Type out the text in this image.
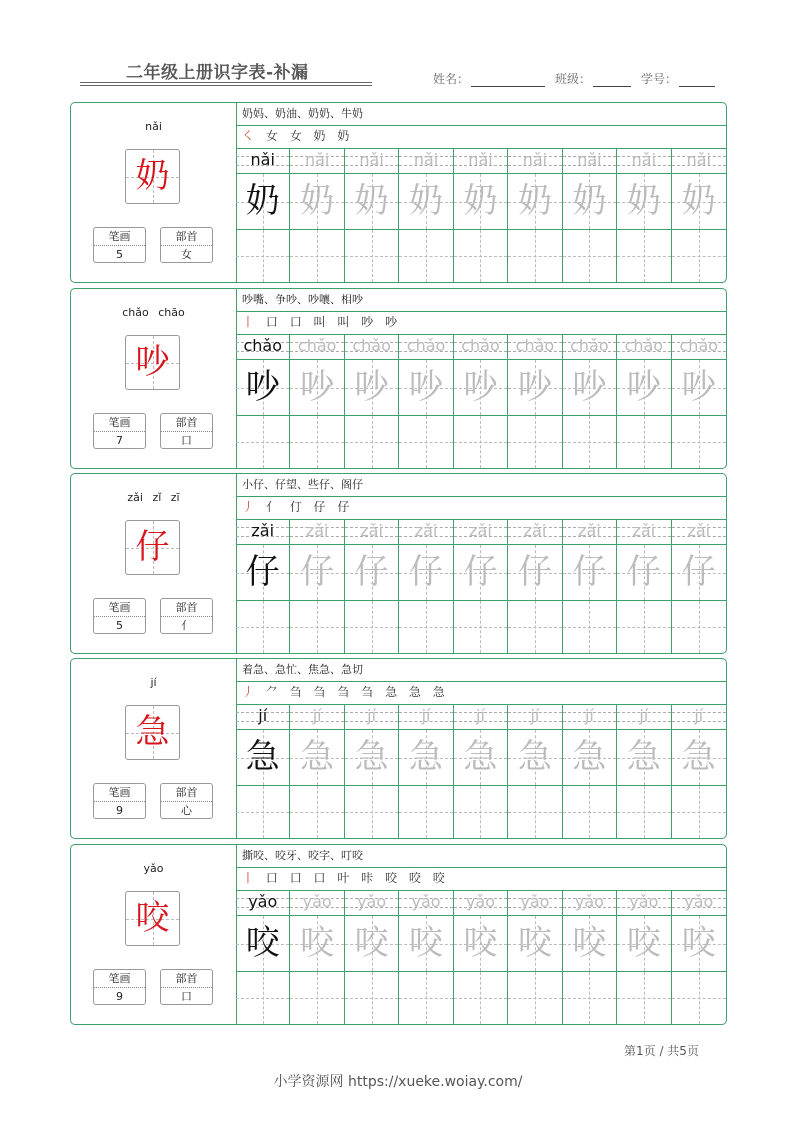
二年级上册识字表-补漏	姓名：	班级：	学号：
nǎi
奶
笔画
5
部首
女
奶妈、奶油、奶奶、牛奶
㇛ 女 女 奶 奶
nǎi	nǎi	nǎi	nǎi	nǎi	nǎi	nǎi	nǎi	nǎi
奶 奶 奶 奶 奶 奶 奶 奶 奶
chǎo chāo
吵
笔画
7
部首
口
吵嘴、争吵、吵嚷、相吵
丨 口 口 叫 叫 吵 吵
chǎo chǎo chǎo chǎo chǎo chǎo chǎo chǎo	chǎo
吵 吵 吵 吵 吵 吵 吵 吵 吵
zǎi zǐ zī
仔
笔画
5
部首
亻
小仔、仔望、些仔、阁仔
丿 亻 仃 仔 仔
zǎi	zǎi	zǎi	zǎi	zǎi	zǎi	zǎi	zǎi	zǎi
仔 仔 仔 仔 仔 仔 仔 仔 仔
jí
急
笔画
9
部首
心
着急、急忙、焦急、急切
丿 ⺈ 刍 刍 刍 刍 急 急 急
jí	jí	jí	jí	jí	jí	jí	jí	jí
急 急 急 急 急 急 急 急 急
yǎo
咬
笔画
9
部首
口
撕咬、咬牙、咬字、叮咬
丨 口 口 口 叶 咔 咬 咬 咬
yǎo	yǎo	yǎo	yǎo	yǎo	yǎo	yǎo	yǎo	yǎo
咬 咬 咬 咬 咬 咬 咬 咬 咬
第1页 / 共5页
小学资源网 https://xueke.woiay.com/
